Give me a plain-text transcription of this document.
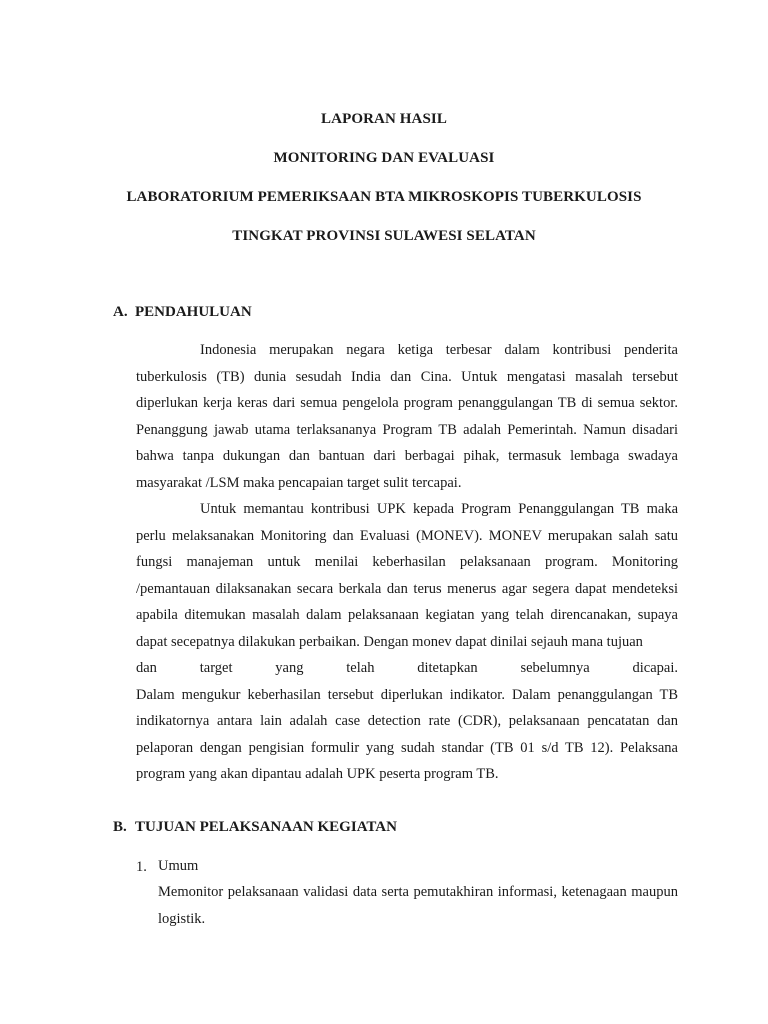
LAPORAN HASIL
MONITORING DAN EVALUASI
LABORATORIUM PEMERIKSAAN BTA MIKROSKOPIS TUBERKULOSIS
TINGKAT PROVINSI SULAWESI SELATAN
A. PENDAHULUAN

Indonesia merupakan negara ketiga terbesar dalam kontribusi penderita tuberkulosis (TB) dunia sesudah India dan Cina. Untuk mengatasi masalah tersebut diperlukan kerja keras dari semua pengelola program penanggulangan TB di semua sektor. Penanggung jawab utama terlaksananya Program TB adalah Pemerintah. Namun disadari bahwa tanpa dukungan dan bantuan dari berbagai pihak, termasuk lembaga swadaya masyarakat /LSM maka pencapaian target sulit tercapai.

Untuk memantau kontribusi UPK kepada Program Penanggulangan TB maka perlu melaksanakan Monitoring dan Evaluasi (MONEV). MONEV merupakan salah satu fungsi manajeman untuk menilai keberhasilan pelaksanaan program. Monitoring /pemantauan dilaksanakan secara berkala dan terus menerus agar segera dapat mendeteksi apabila ditemukan masalah dalam pelaksanaan kegiatan yang telah direncanakan, supaya dapat secepatnya dilakukan perbaikan. Dengan monev dapat dinilai sejauh mana tujuan
dan target yang telah ditetapkan sebelumnya dicapai.
Dalam mengukur keberhasilan tersebut diperlukan indikator. Dalam penanggulangan TB indikatornya antara lain adalah case detection rate (CDR), pelaksanaan pencatatan dan pelaporan dengan pengisian formulir yang sudah standar (TB 01 s/d TB 12). Pelaksana program yang akan dipantau adalah UPK peserta program TB.

B. TUJUAN PELAKSANAAN KEGIATAN
1. Umum

Memonitor pelaksanaan validasi data serta pemutakhiran informasi, ketenagaan maupun logistik.
